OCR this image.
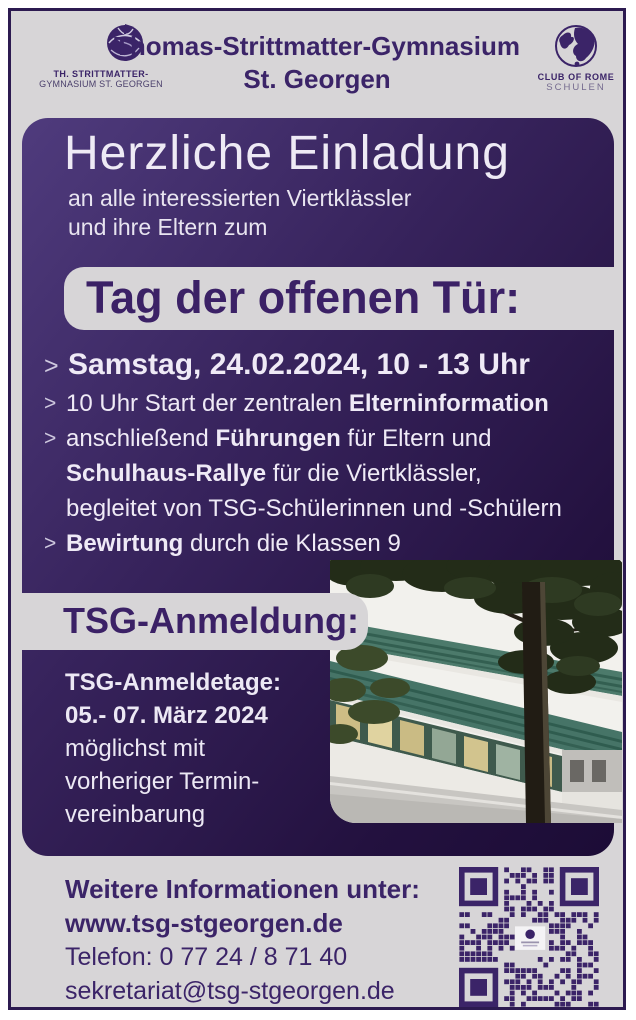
TH. STRITTMATTER-
GYMNASIUM ST. GEORGEN
Thomas-Strittmatter-Gymnasium
St. Georgen	CLUB OF ROME
SCHULEN
Herzliche Einladung
an alle interessierten Viertklässler
und ihre Eltern zum
Tag der offenen Tür:
> Samstag, 24.02.2024, 10 - 13 Uhr
> 10 Uhr Start der zentralen Elterninformation
> anschließend Führungen für Eltern und
Schulhaus-Rallye für die Viertklässler,
begleitet von TSG-Schülerinnen und -Schülern
> Bewirtung durch die Klassen 9
TSG-Anmeldung:
TSG-Anmeldetage:
05.- 07. März 2024
möglichst mit
vorheriger Termin-
vereinbarung
Weitere Informationen unter:
www.tsg-stgeorgen.de
Telefon: 0 77 24 / 8 71 40
sekretariat@tsg-stgeorgen.de
